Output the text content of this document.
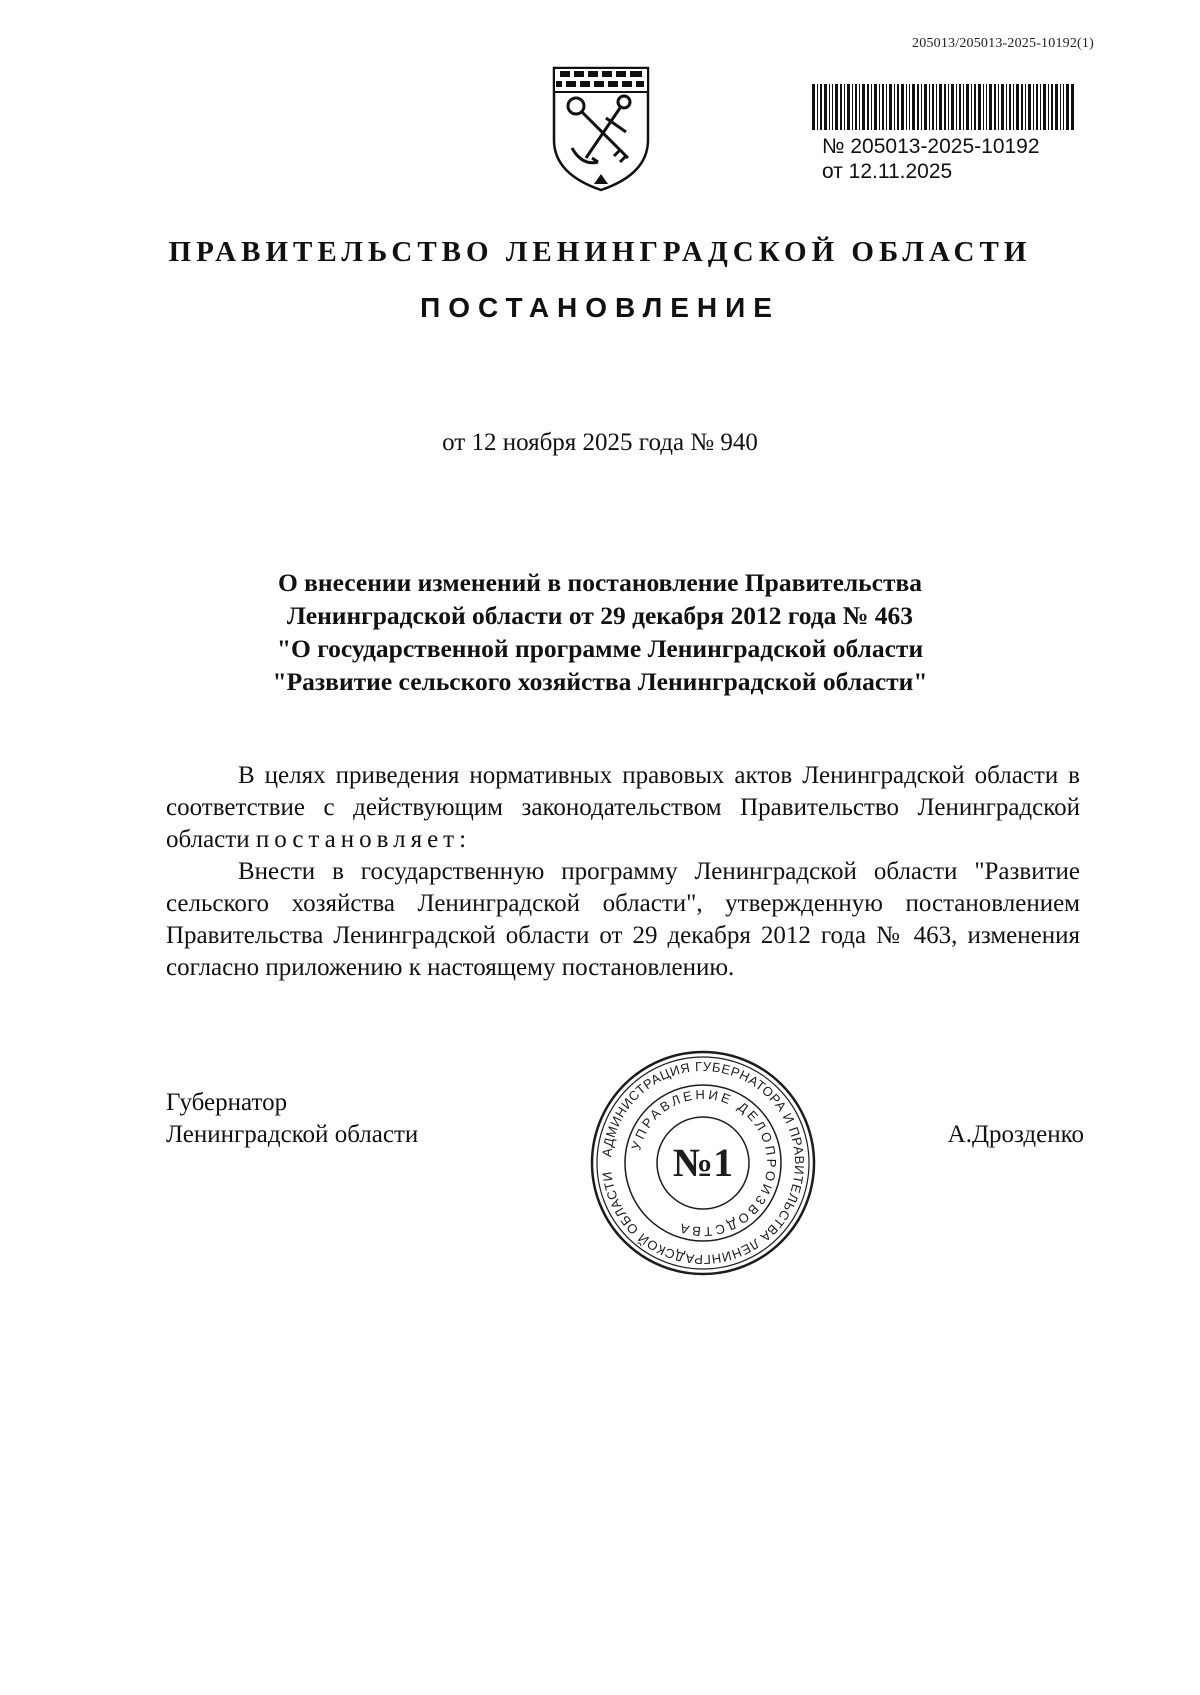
205013/205013-2025-10192(1)
№ 205013-2025-10192
от 12.11.2025
ПРАВИТЕЛЬСТВО ЛЕНИНГРАДСКОЙ ОБЛАСТИ
ПОСТАНОВЛЕНИЕ
от 12 ноября 2025 года № 940
О внесении изменений в постановление Правительства
Ленинградской области от 29 декабря 2012 года № 463
"О государственной программе Ленинградской области
"Развитие сельского хозяйства Ленинградской области"

В целях приведения нормативных правовых актов Ленинградской области в соответствие с действующим законодательством Правительство Ленинградской области постановляет:

Внести в государственную программу Ленинградской области "Развитие сельского хозяйства Ленинградской области", утвержденную постановлением Правительства Ленинградской области от 29 декабря 2012 года № 463, изменения согласно приложению к настоящему постановлению.

Губернатор
Ленинградской области
АДМИНИСТРАЦИЯ ГУБЕРНАТОРА И ПРАВИТЕЛЬСТВА ЛЕНИНГРАДСКОЙ ОБЛАСТИ
УПРАВЛЕНИЕ ДЕЛОПРОИЗВОДСТВА
№1
А.Дрозденко
